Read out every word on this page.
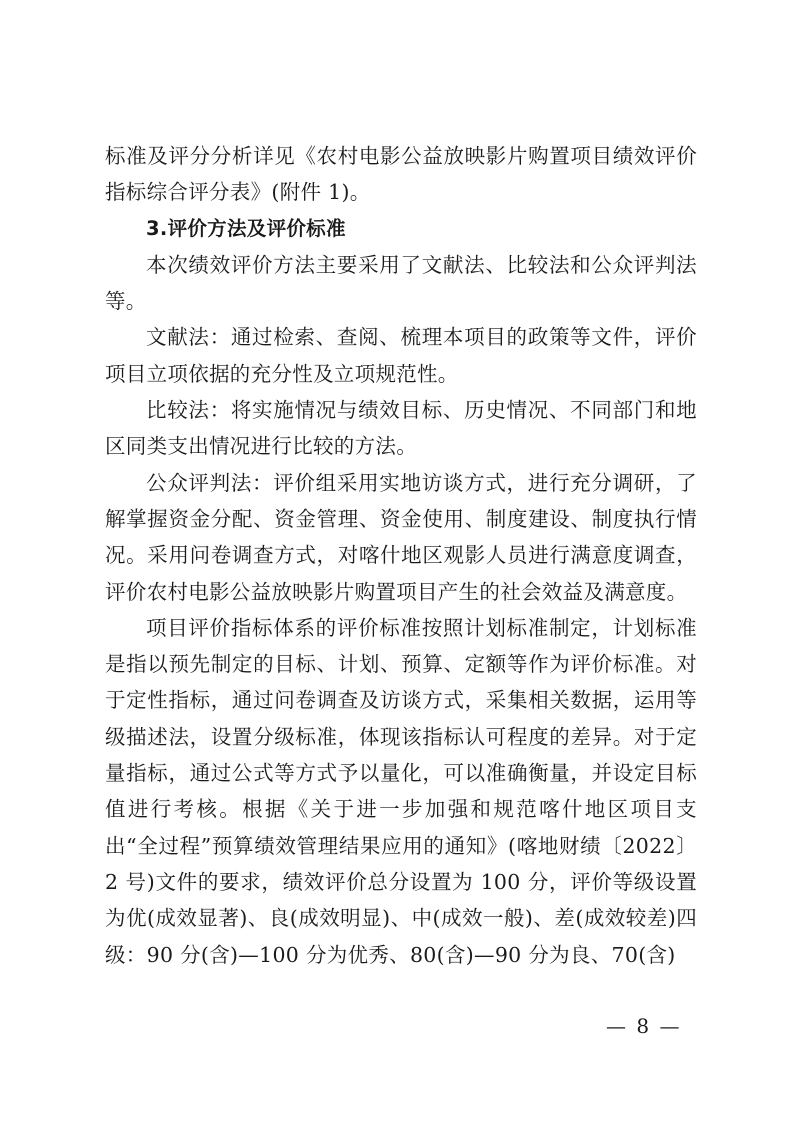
标准及评分分析详见《农村电影公益放映影片购置项目绩效评价指标综合评分表》(附件 1)。

3.评价方法及评价标准

本次绩效评价方法主要采用了文献法、比较法和公众评判法等。

文献法：通过检索、查阅、梳理本项目的政策等文件，评价项目立项依据的充分性及立项规范性。

比较法：将实施情况与绩效目标、历史情况、不同部门和地区同类支出情况进行比较的方法。

公众评判法：评价组采用实地访谈方式，进行充分调研，了解掌握资金分配、资金管理、资金使用、制度建设、制度执行情况。采用问卷调查方式，对喀什地区观影人员进行满意度调查，评价农村电影公益放映影片购置项目产生的社会效益及满意度。

项目评价指标体系的评价标准按照计划标准制定，计划标准是指以预先制定的目标、计划、预算、定额等作为评价标准。对于定性指标，通过问卷调查及访谈方式，采集相关数据，运用等级描述法，设置分级标准，体现该指标认可程度的差异。对于定量指标，通过公式等方式予以量化，可以准确衡量，并设定目标值进行考核。根据《关于进一步加强和规范喀什地区项目支出“全过程”预算绩效管理结果应用的通知》(喀地财绩〔2022〕2 号)文件的要求，绩效评价总分设置为 100 分，评价等级设置为优(成效显著)、良(成效明显)、中(成效一般)、差(成效较差)四级：90 分(含)—100 分为优秀、80(含)—90 分为良、70(含)

— 8 —
